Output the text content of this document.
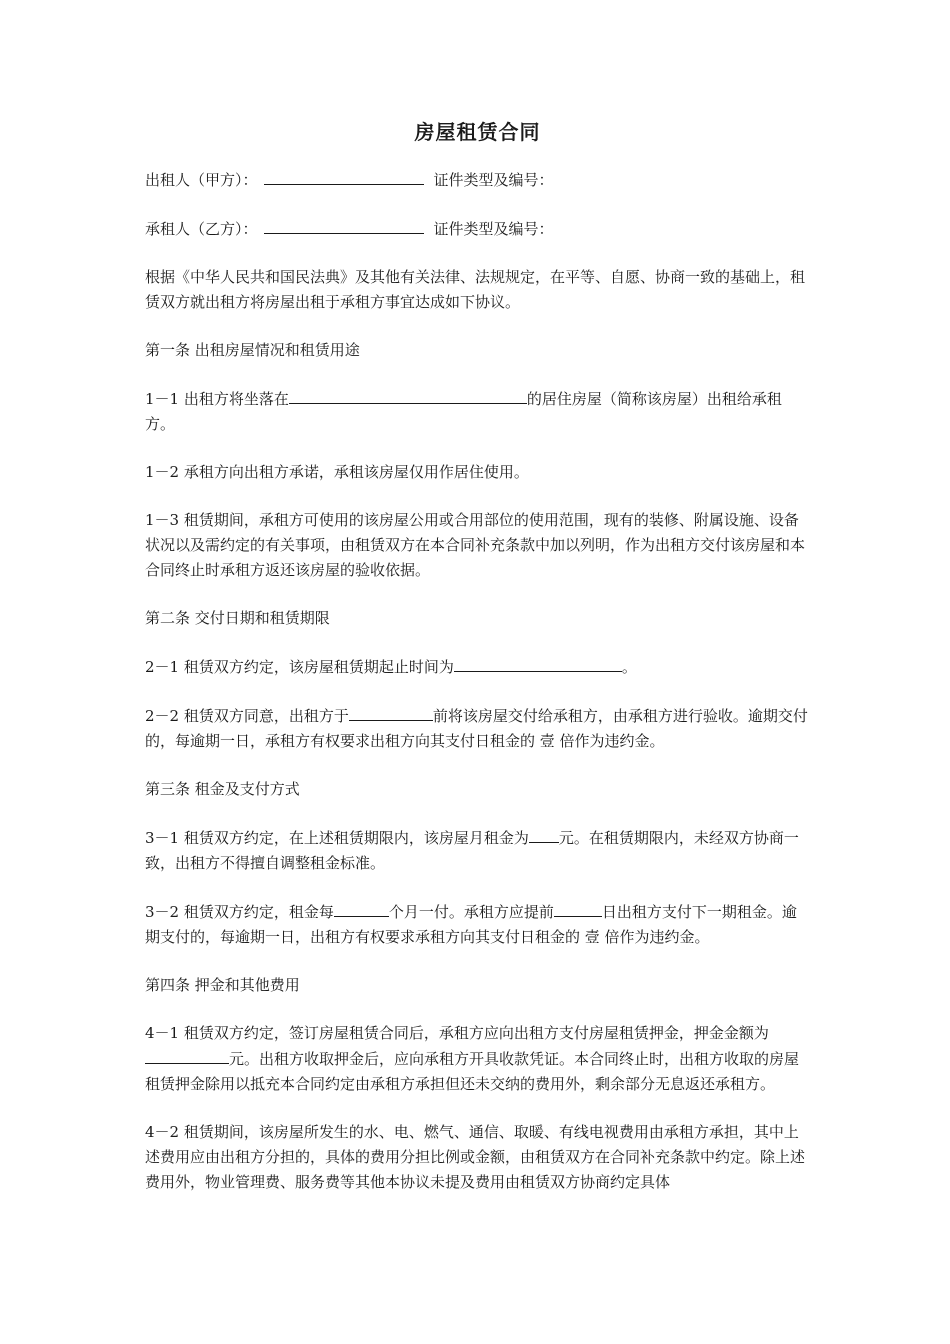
房屋租赁合同

出租人（甲方）：	证件类型及编号：

承租人（乙方）：	证件类型及编号：

根据《中华人民共和国民法典》及其他有关法律、法规规定，在平等、自愿、协商一致的基础上，租赁双方就出租方将房屋出租于承租方事宜达成如下协议。

第一条 出租房屋情况和租赁用途

1－1 出租方将坐落在	的居住房屋（简称该房屋）出租给承租方。

1－2 承租方向出租方承诺，承租该房屋仅用作居住使用。

1－3 租赁期间，承租方可使用的该房屋公用或合用部位的使用范围，现有的装修、附属设施、设备状况以及需约定的有关事项，由租赁双方在本合同补充条款中加以列明，作为出租方交付该房屋和本合同终止时承租方返还该房屋的验收依据。

第二条 交付日期和租赁期限

2－1 租赁双方约定，该房屋租赁期起止时间为	。

2－2 租赁双方同意，出租方于	前将该房屋交付给承租方，由承租方进行验收。逾期交付的，每逾期一日，承租方有权要求出租方向其支付日租金的 壹 倍作为违约金。

第三条 租金及支付方式

3－1 租赁双方约定，在上述租赁期限内，该房屋月租金为 元。在租赁期限内，未经双方协商一致，出租方不得擅自调整租金标准。

3－2 租赁双方约定，租金每	个月一付。承租方应提前	日出租方支付下一期租金。逾期支付的，每逾期一日，出租方有权要求承租方向其支付日租金的 壹 倍作为违约金。

第四条 押金和其他费用

4－1 租赁双方约定，签订房屋租赁合同后，承租方应向出租方支付房屋租赁押金，押金金额为元。出租方收取押金后，应向承租方开具收款凭证。本合同终止时，出租方收取的房屋租赁押金除用以抵充本合同约定由承租方承担但还未交纳的费用外，剩余部分无息返还承租方。

4－2 租赁期间，该房屋所发生的水、电、燃气、通信、取暖、有线电视费用由承租方承担，其中上述费用应由出租方分担的，具体的费用分担比例或金额，由租赁双方在合同补充条款中约定。除上述费用外，物业管理费、服务费等其他本协议未提及费用由租赁双方协商约定具体
